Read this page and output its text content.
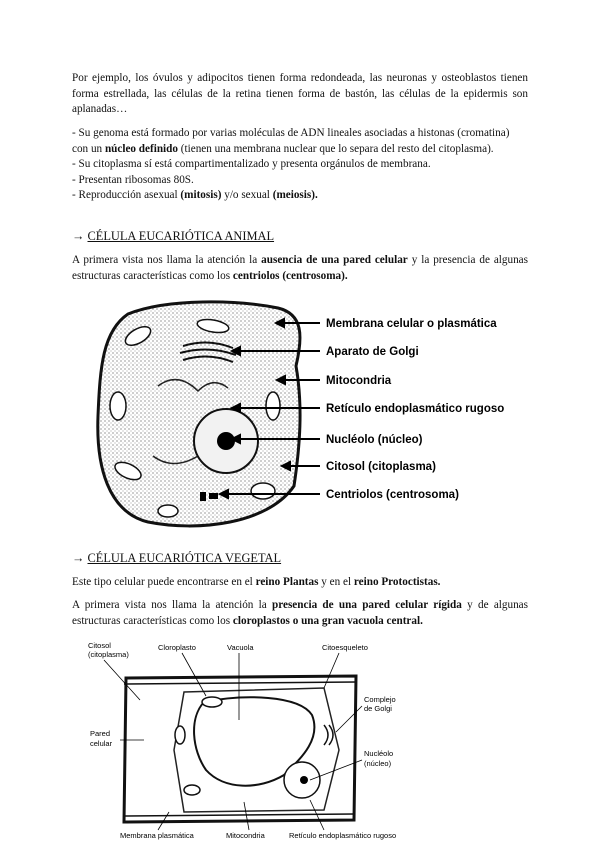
Por ejemplo, los óvulos y adipocitos tienen forma redondeada, las neuronas y osteoblastos tienen forma estrellada, las células de la retina tienen forma de bastón, las células de la epidermis son aplanadas…

- Su genoma está formado por varias moléculas de ADN lineales asociadas a histonas (cromatina) con un núcleo definido (tienen una membrana nuclear que lo separa del resto del citoplasma).

- Su citoplasma sí está compartimentalizado y presenta orgánulos de membrana.

- Presentan ribosomas 80S.

- Reproducción asexual (mitosis) y/o sexual (meiosis).

→ CÉLULA EUCARIÓTICA ANIMAL

A primera vista nos llama la atención la ausencia de una pared celular y la presencia de algunas estructuras características como los centriolos (centrosoma).

→ CÉLULA EUCARIÓTICA VEGETAL

Este tipo celular puede encontrarse en el reino Plantas y en el reino Protoctistas.

A primera vista nos llama la atención la presencia de una pared celular rígida y de algunas estructuras características como los cloroplastos o una gran vacuola central.

Membrana celular o plasmática
Aparato de Golgi
Mitocondria
Retículo endoplasmático rugoso
Nucléolo (núcleo)
Citosol (citoplasma)
Centriolos (centrosoma)
Citosol
(citoplasma)
Cloroplasto	Vacuola	Citoesqueleto
Complejo
de Golgi
Pared
celular
Nucléolo
(núcleo)
Membrana plasmática	Mitocondria	Retículo endoplasmático rugoso
